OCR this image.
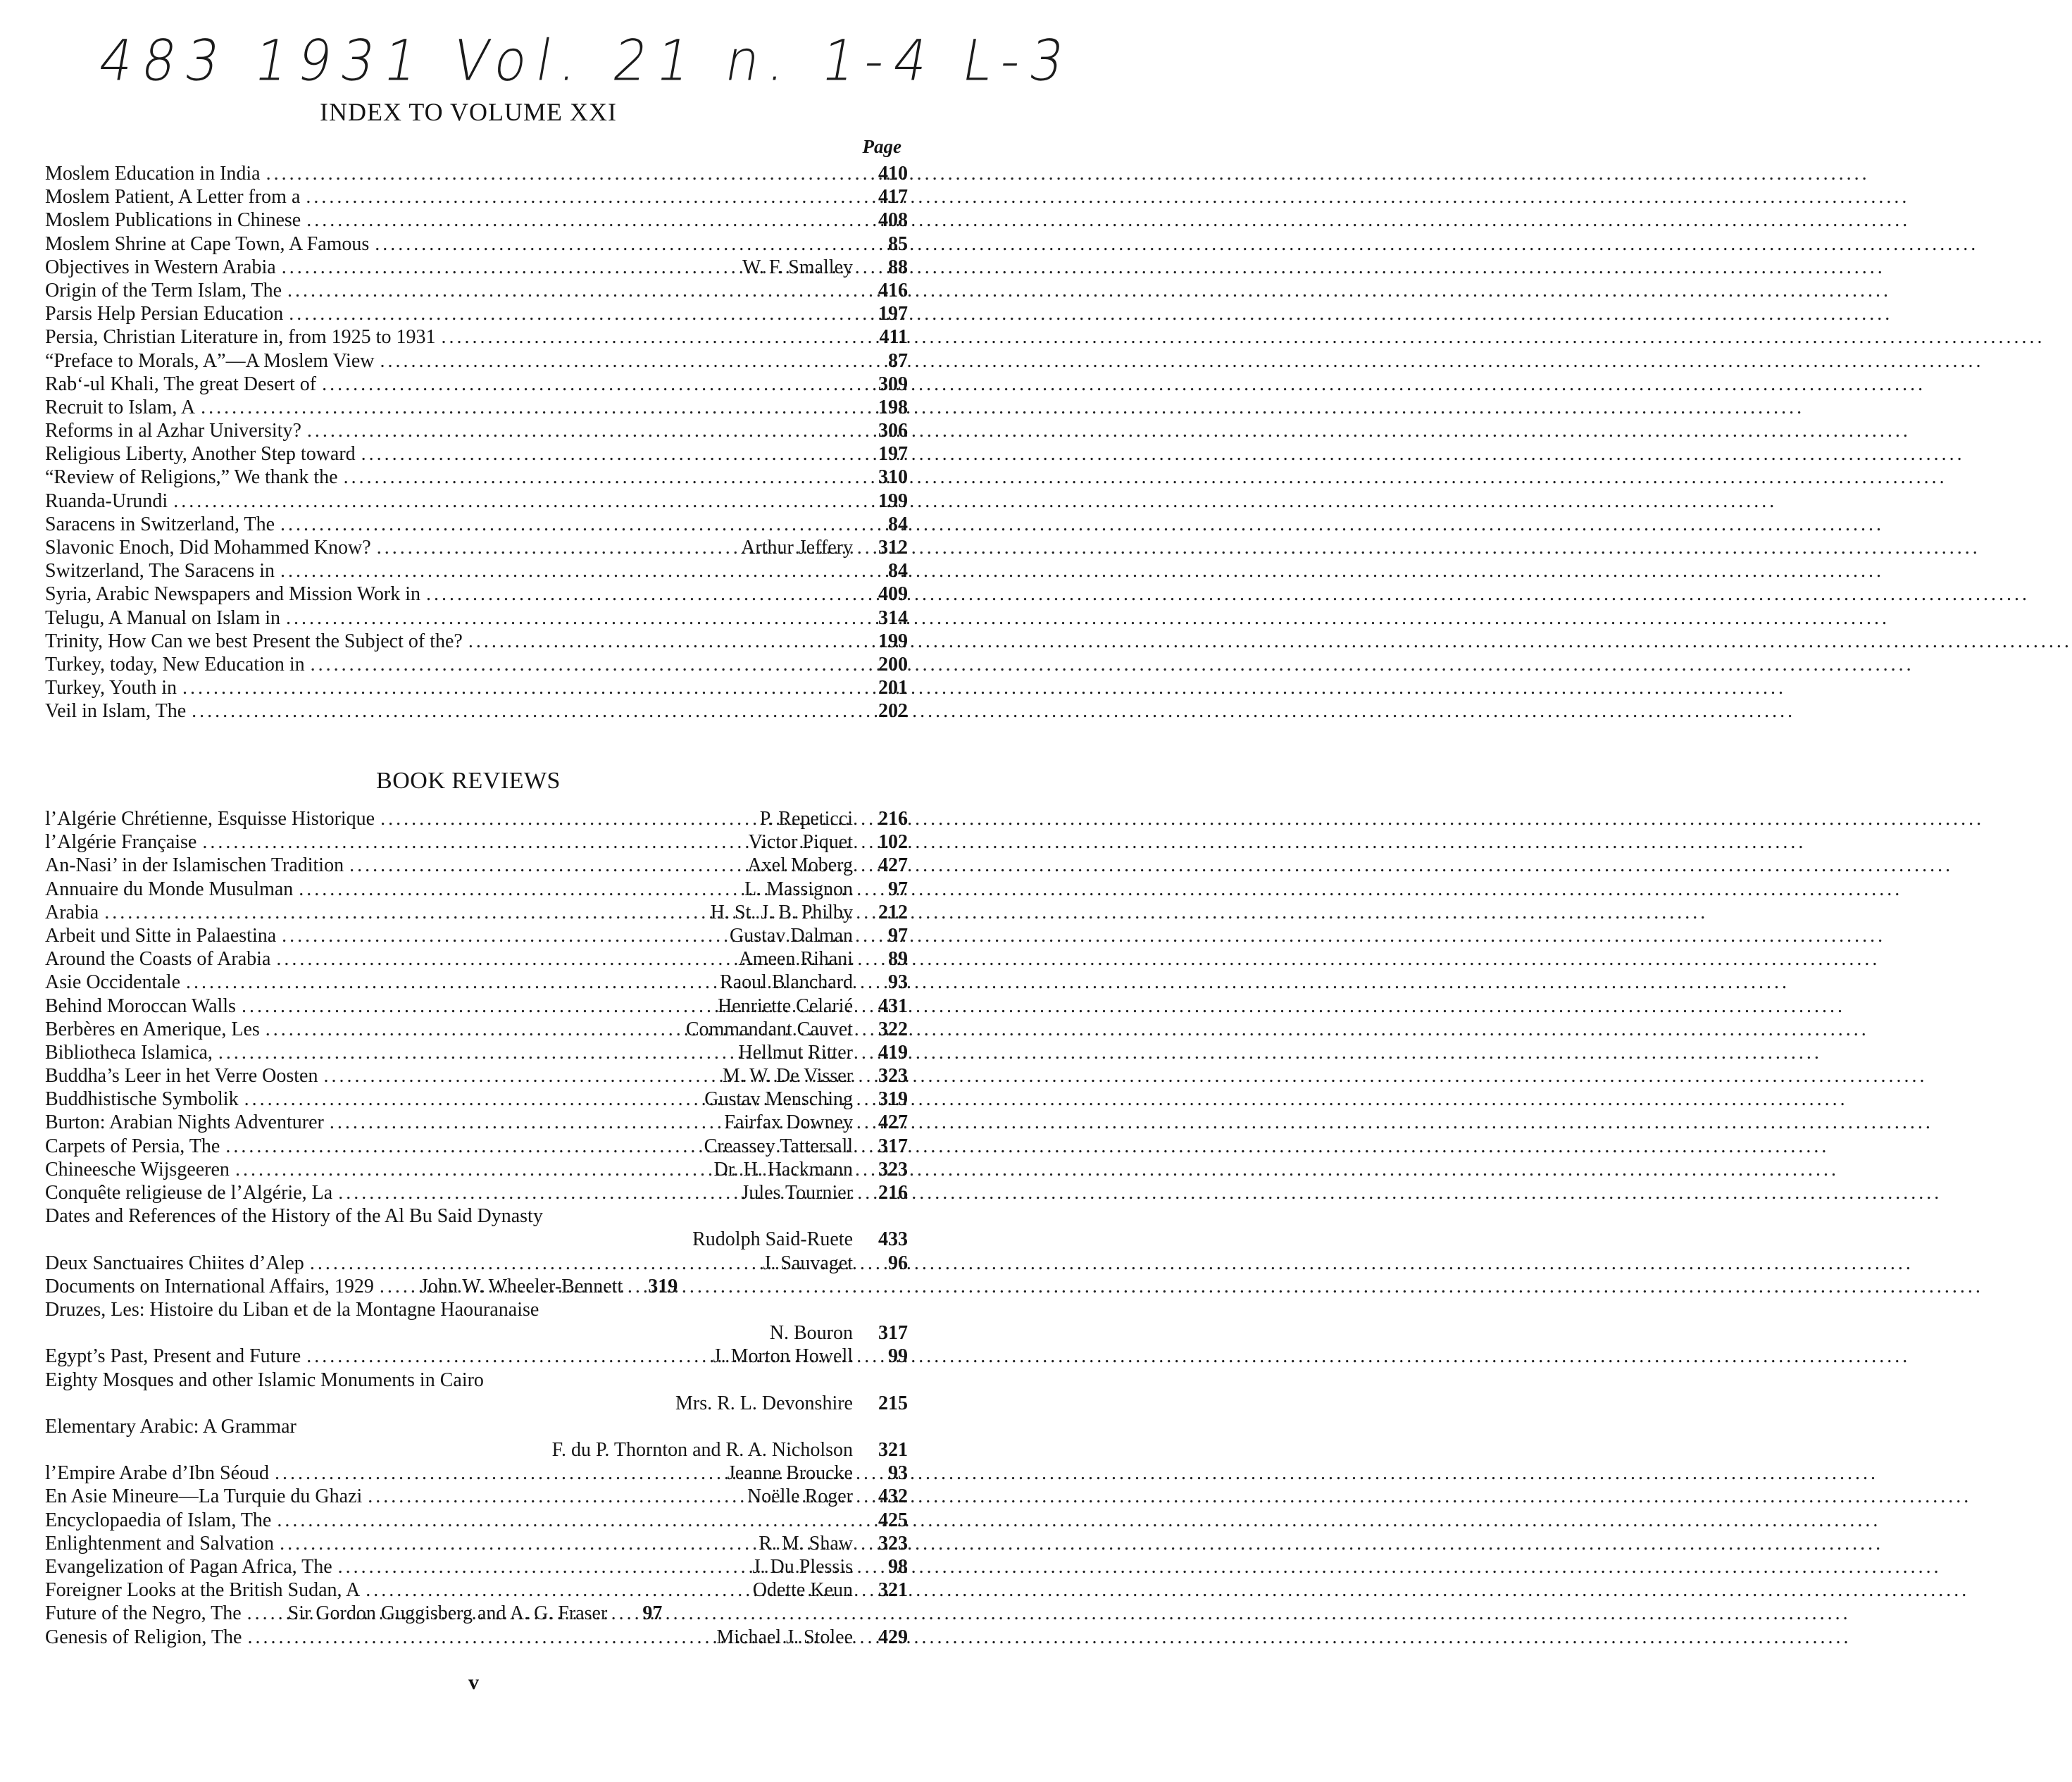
483 1931 Vol. 21 n. 1-4 L-3
INDEX TO VOLUME XXI
Page
Moslem Education in India .....	410
Moslem Patient, A Letter from a .....	417
Moslem Publications in Chinese .....	408
Moslem Shrine at Cape Town, A Famous .....	85
Objectives in Western Arabia .....	W. F. Smalley	88
Origin of the Term Islam, The .....	416
Parsis Help Persian Education .....	197
Persia, Christian Literature in, from 1925 to 1931 .....	411
“Preface to Morals, A”—A Moslem View .....	87
Rab‘-ul Khali, The great Desert of .....	309
Recruit to Islam, A .....	198
Reforms in al Azhar University? .....	306
Religious Liberty, Another Step toward .....	197
“Review of Religions,” We thank the .....	310
Ruanda-Urundi .....	199
Saracens in Switzerland, The .....	84
Slavonic Enoch, Did Mohammed Know? .....	Arthur Jeffery	312
Switzerland, The Saracens in .....	84
Syria, Arabic Newspapers and Mission Work in .....	409
Telugu, A Manual on Islam in .....	314
Trinity, How Can we best Present the Subject of the? .....	199
Turkey, today, New Education in .....	200
Turkey, Youth in .....	201
Veil in Islam, The .....	202
BOOK REVIEWS
l’Algérie Chrétienne, Esquisse Historique .....	P. Repeticci	216
l’Algérie Française .....	Victor Piquet	102
An-Nasi’ in der Islamischen Tradition .....	Axel Moberg	427
Annuaire du Monde Musulman .....	L. Massignon	97
Arabia .....	H. St. J. B. Philby	212
Arbeit und Sitte in Palaestina .....	Gustav Dalman	97
Around the Coasts of Arabia .....	Ameen Rihani	89
Asie Occidentale .....	Raoul Blanchard	93
Behind Moroccan Walls .....	Henriette Celarié	431
Berbères en Amerique, Les .....	Commandant Cauvet	322
Bibliotheca Islamica, .....	Hellmut Ritter	419
Buddha’s Leer in het Verre Oosten .....	M. W. De Visser	323
Buddhistische Symbolik .....	Gustav Mensching	319
Burton: Arabian Nights Adventurer .....	Fairfax Downey	427
Carpets of Persia, The .....	Creassey Tattersall	317
Chineesche Wijsgeeren .....	Dr. H. Hackmann	323
Conquête religieuse de l’Algérie, La .....	Jules Tournier	216
Dates and References of the History of the Al Bu Said Dynasty
Rudolph Said-Ruete	433
Deux Sanctuaires Chiites d’Alep .....	J. Sauvaget	96
Documents on International Affairs, 1929 ..... John W. Wheeler-Bennett	319
Druzes, Les: Histoire du Liban et de la Montagne Haouranaise
N. Bouron	317
Egypt’s Past, Present and Future .....	J. Morton Howell	99
Eighty Mosques and other Islamic Monuments in Cairo
Mrs. R. L. Devonshire	215
Elementary Arabic: A Grammar
F. du P. Thornton and R. A. Nicholson	321
l’Empire Arabe d’Ibn Séoud .....	Jeanne Broucke	93
En Asie Mineure—La Turquie du Ghazi .....	Noëlle Roger	432
Encyclopaedia of Islam, The .....	425
Enlightenment and Salvation .....	R. M. Shaw	323
Evangelization of Pagan Africa, The .....	J. Du Plessis	98
Foreigner Looks at the British Sudan, A .....	Odette Keun	321
Future of the Negro, The ..... Sir Gordon Guggisberg and A. G. Fraser	97
Genesis of Religion, The .....	Michael J. Stolee	429
v
